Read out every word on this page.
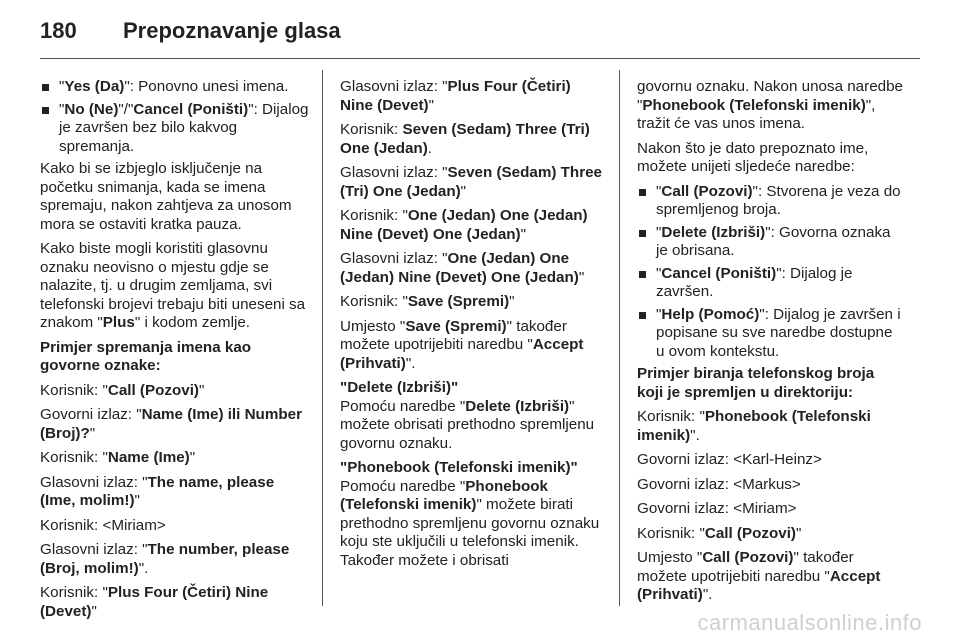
180 Prepoznavanje glasa
"Yes (Da)": Ponovno unesi imena.
"No (Ne)"/"Cancel (Poništi)": Dijalog je završen bez bilo kakvog spremanja.

Kako bi se izbjeglo isključenje na početku snimanja, kada se imena spremaju, nakon zahtjeva za unosom mora se ostaviti kratka pauza.

Kako biste mogli koristiti glasovnu oznaku neovisno o mjestu gdje se nalazite, tj. u drugim zemljama, svi telefonski brojevi trebaju biti uneseni sa znakom "Plus" i kodom zemlje.

Primjer spremanja imena kao govorne oznake:

Korisnik: "Call (Pozovi)"

Govorni izlaz: "Name (Ime) ili Number (Broj)?"

Korisnik: "Name (Ime)"

Glasovni izlaz: "The name, please (Ime, molim!)"

Korisnik: <Miriam>

Glasovni izlaz: "The number, please (Broj, molim!)".

Korisnik: "Plus Four (Četiri) Nine (Devet)"

Glasovni izlaz: "Plus Four (Četiri) Nine (Devet)"

Korisnik: Seven (Sedam) Three (Tri) One (Jedan).

Glasovni izlaz: "Seven (Sedam) Three (Tri) One (Jedan)"

Korisnik: "One (Jedan) One (Jedan) Nine (Devet) One (Jedan)"

Glasovni izlaz: "One (Jedan) One (Jedan) Nine (Devet) One (Jedan)"

Korisnik: "Save (Spremi)"

Umjesto "Save (Spremi)" također možete upotrijebiti naredbu "Accept (Prihvati)".

"Delete (Izbriši)"

Pomoću naredbe "Delete (Izbriši)" možete obrisati prethodno spremljenu govornu oznaku.

"Phonebook (Telefonski imenik)"

Pomoću naredbe "Phonebook (Telefonski imenik)" možete birati prethodno spremljenu govornu oznaku koju ste uključili u telefonski imenik. Također možete i obrisati

govornu oznaku. Nakon unosa naredbe "Phonebook (Telefonski imenik)", tražit će vas unos imena.

Nakon što je dato prepoznato ime, možete unijeti sljedeće naredbe:

"Call (Pozovi)": Stvorena je veza do spremljenog broja.
"Delete (Izbriši)": Govorna oznaka je obrisana.
"Cancel (Poništi)": Dijalog je završen.
"Help (Pomoć)": Dijalog je završen i popisane su sve naredbe dostupne u ovom kontekstu.

Primjer biranja telefonskog broja koji je spremljen u direktoriju:

Korisnik: "Phonebook (Telefonski imenik)".

Govorni izlaz: <Karl-Heinz>

Govorni izlaz: <Markus>

Govorni izlaz: <Miriam>

Korisnik: "Call (Pozovi)"

Umjesto "Call (Pozovi)" također možete upotrijebiti naredbu "Accept (Prihvati)".

carmanualsonline.info
